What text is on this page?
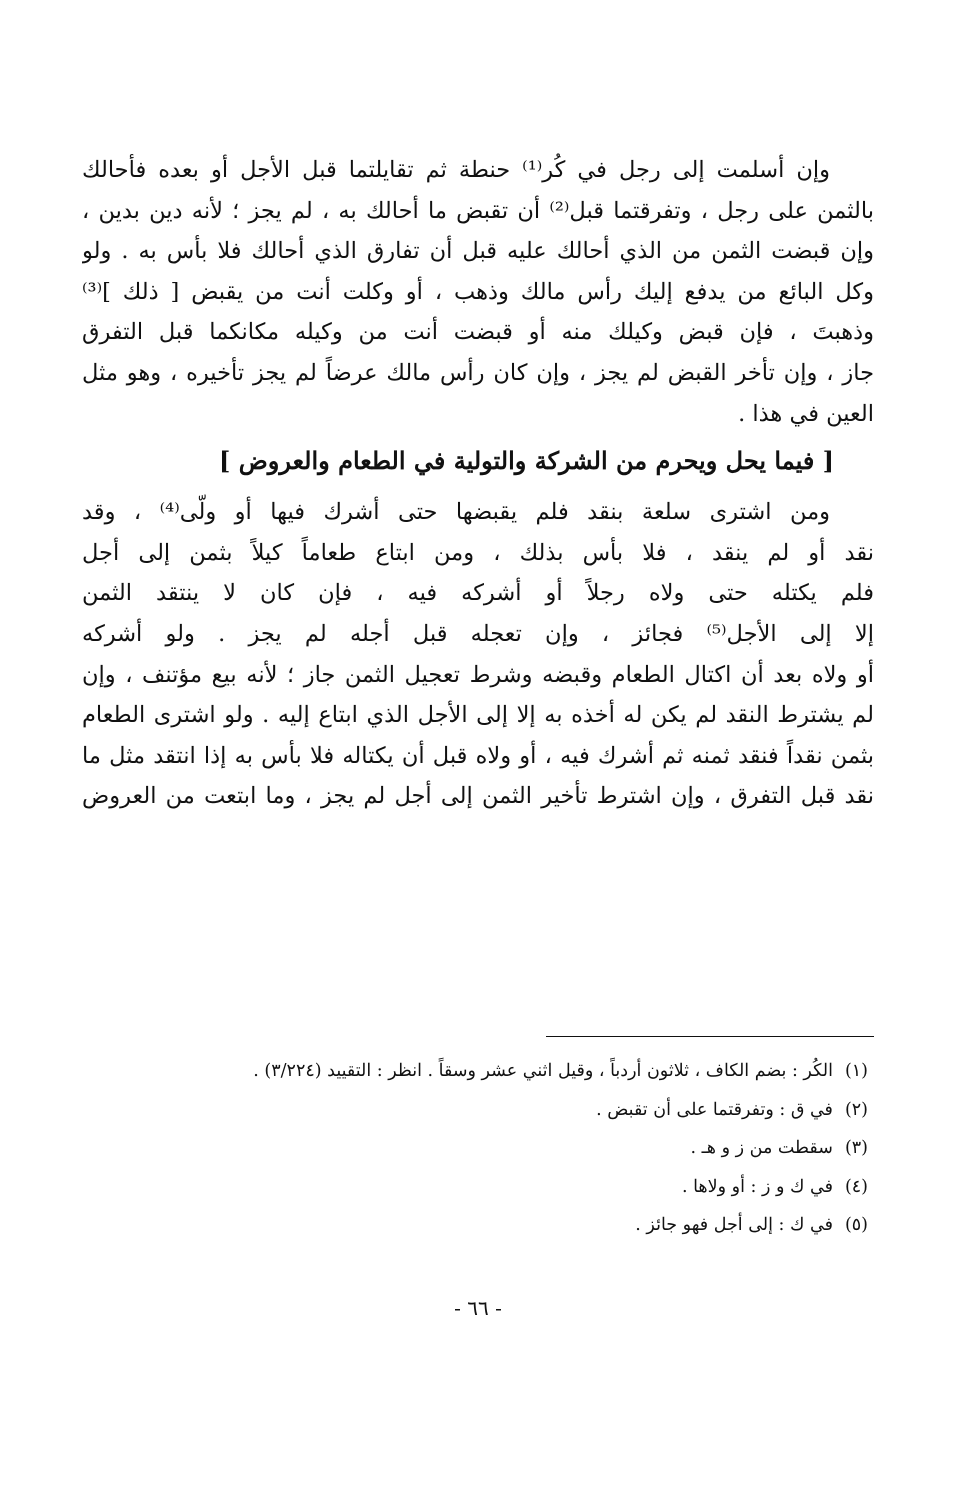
وإن أسلمت إلى رجل في كُر⁽¹⁾ حنطة ثم تقايلتما قبل الأجل أو بعده فأحالك
بالثمن على رجل ، وتفرقتما قبل⁽²⁾ أن تقبض ما أحالك به ، لم يجز ؛ لأنه دين بدين ،
وإن قبضت الثمن من الذي أحالك عليه قبل أن تفارق الذي أحالك فلا بأس به . ولو
وكل البائع من يدفع إليك رأس مالك وذهب ، أو وكلت أنت من يقبض [ ذلك ]⁽³⁾
وذهبتَ ، فإن قبض وكيلك منه أو قبضت أنت من وكيله مكانكما قبل التفرق
جاز ، وإن تأخر القبض لم يجز ، وإن كان رأس مالك عرضاً لم يجز تأخيره ، وهو مثل
العين في هذا .
[ فيما يحل ويحرم من الشركة والتولية في الطعام والعروض ]
ومن اشترى سلعة بنقد فلم يقبضها حتى أشرك فيها أو ولّى⁽⁴⁾ ، وقد
نقد أو لم ينقد ، فلا بأس بذلك ، ومن ابتاع طعاماً كيلاً بثمن إلى أجل
فلم يكتله حتى ولاه رجلاً أو أشركه فيه ، فإن كان لا ينتقد الثمن
إلا إلى الأجل⁽⁵⁾ فجائز ، وإن تعجله قبل أجله لم يجز . ولو أشركه
أو ولاه بعد أن اكتال الطعام وقبضه وشرط تعجيل الثمن جاز ؛ لأنه بيع مؤتنف ، وإن
لم يشترط النقد لم يكن له أخذه به إلا إلى الأجل الذي ابتاع إليه . ولو اشترى الطعام
بثمن نقداً فنقد ثمنه ثم أشرك فيه ، أو ولاه قبل أن يكتاله فلا بأس به إذا انتقد مثل ما
نقد قبل التفرق ، وإن اشترط تأخير الثمن إلى أجل لم يجز ، وما ابتعت من العروض
(١)
الكُر : بضم الكاف ، ثلاثون أردباً ، وقيل اثني عشر وسقاً . انظر : التقييد (٣/٢٢٤) .
(٢)
في ق : وتفرقتما على أن تقبض .
(٣)
سقطت من ز و هـ .
(٤)
في ك و ز : أو ولاها .
(٥)
في ك : إلى أجل فهو جائز .
- ٦٦ -
